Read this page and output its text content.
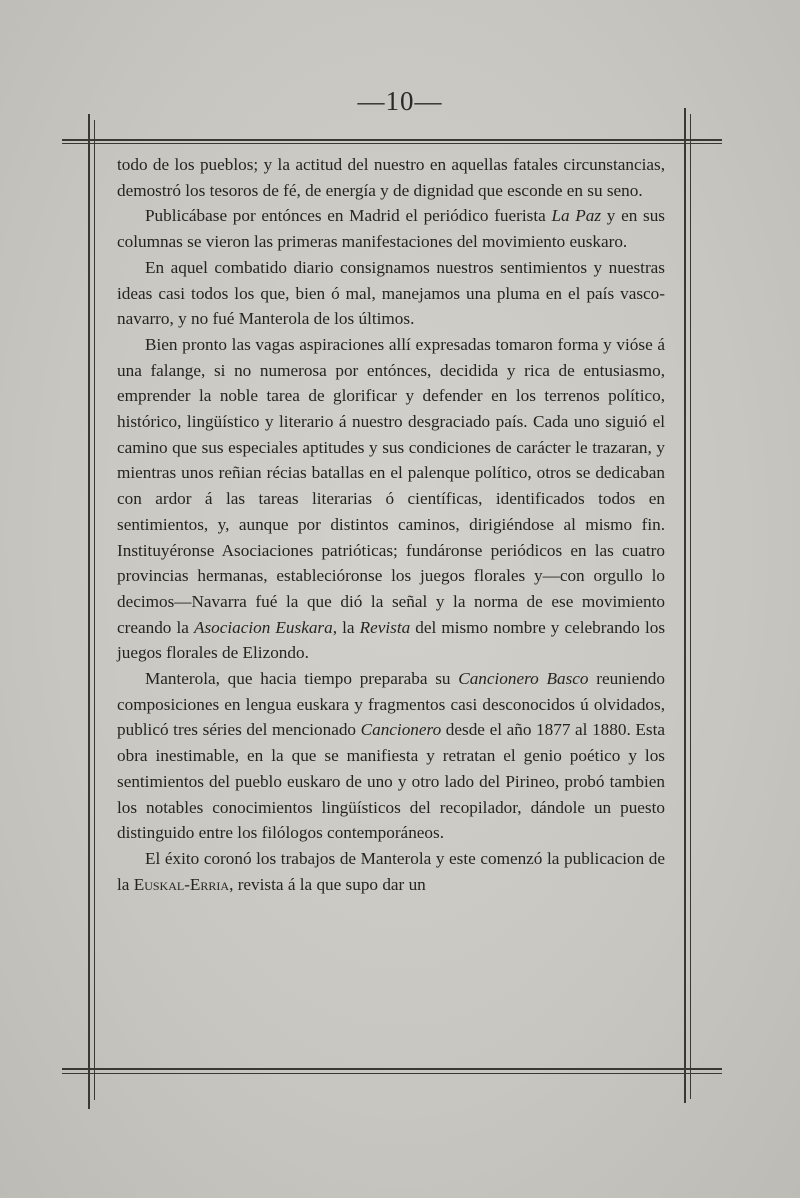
—10—

todo de los pueblos; y la actitud del nuestro en aquellas fatales circunstancias, demostró los tesoros de fé, de energía y de dignidad que esconde en su seno.

Publicábase por entónces en Madrid el periódico fuerista La Paz y en sus columnas se vieron las primeras manifestaciones del movimiento euskaro.

En aquel combatido diario consignamos nuestros sentimientos y nuestras ideas casi todos los que, bien ó mal, manejamos una pluma en el país vasco-navarro, y no fué Manterola de los últimos.

Bien pronto las vagas aspiraciones allí expresadas tomaron forma y vióse á una falange, si no numerosa por entónces, decidida y rica de entusiasmo, emprender la noble tarea de glorificar y defender en los terrenos político, histórico, lingüístico y literario á nuestro desgraciado país. Cada uno siguió el camino que sus especiales aptitudes y sus condiciones de carácter le trazaran, y mientras unos reñian récias batallas en el palenque político, otros se dedicaban con ardor á las tareas literarias ó científicas, identificados todos en sentimientos, y, aunque por distintos caminos, dirigiéndose al mismo fin. Instituyéronse Asociaciones patrióticas; fundáronse periódicos en las cuatro provincias hermanas, establecióronse los juegos florales y—con orgullo lo decimos—Navarra fué la que dió la señal y la norma de ese movimiento creando la Asociacion Euskara, la Revista del mismo nombre y celebrando los juegos florales de Elizondo.

Manterola, que hacia tiempo preparaba su Cancionero Basco reuniendo composiciones en lengua euskara y fragmentos casi desconocidos ú olvidados, publicó tres séries del mencionado Cancionero desde el año 1877 al 1880. Esta obra inestimable, en la que se manifiesta y retratan el genio poético y los sentimientos del pueblo euskaro de uno y otro lado del Pirineo, probó tambien los notables conocimientos lingüísticos del recopilador, dándole un puesto distinguido entre los filólogos contemporáneos.

El éxito coronó los trabajos de Manterola y este comenzó la publicacion de la Euskal-Erria, revista á la que supo dar un
